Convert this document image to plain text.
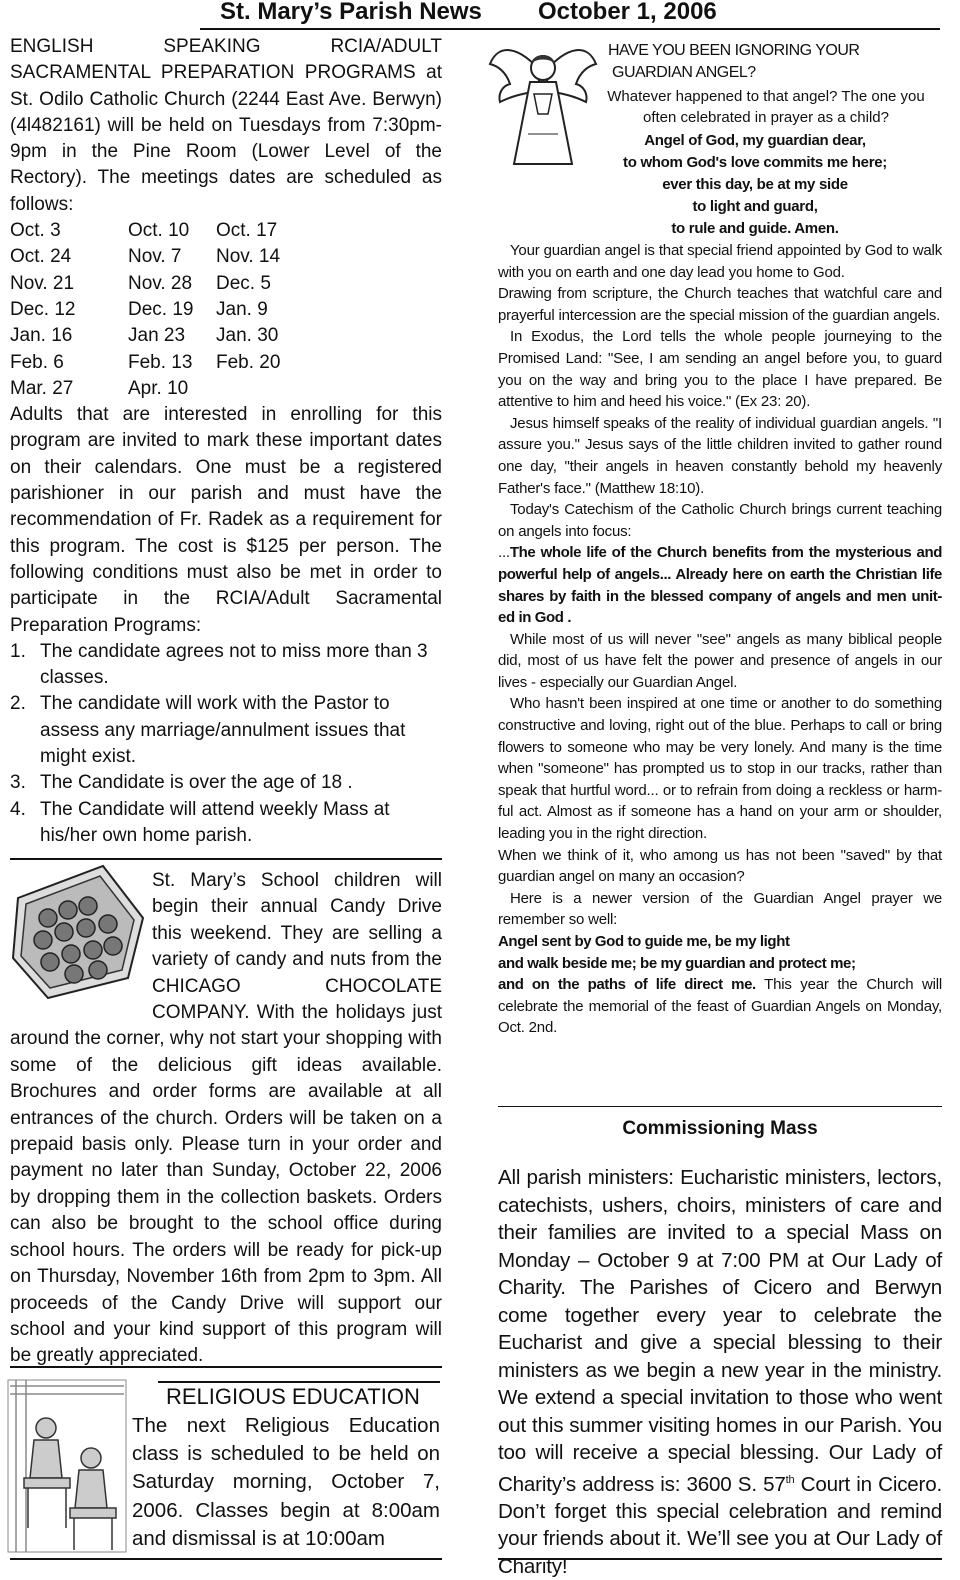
St. Mary’s Parish News October 1, 2006

ENGLISH SPEAKING RCIA/ADULT SACRAMENTAL PREPARATION PROGRAMS at St. Odilo Catholic Church (2244 East Ave. Berwyn) (4l482161) will be held on Tuesdays from 7:30pm-9pm in the Pine Room (Lower Level of the Rectory). The meetings dates are scheduled as follows:

Oct. 3	Oct. 10	Oct. 17
Oct. 24	Nov. 7	Nov. 14
Nov. 21	Nov. 28	Dec. 5
Dec. 12	Dec. 19	Jan. 9
Jan. 16	Jan 23	Jan. 30
Feb. 6	Feb. 13	Feb. 20
Mar. 27	Apr. 10

Adults that are interested in enrolling for this program are invited to mark these important dates on their calendars. One must be a registered parishioner in our parish and must have the recommendation of Fr. Radek as a requirement for this program. The cost is $125 per person. The following conditions must also be met in order to participate in the RCIA/Adult Sacramental Preparation Programs:

1. The candidate agrees not to miss more than 3 classes.
2. The candidate will work with the Pastor to assess any marriage/annulment issues that might exist.
3. The Candidate is over the age of 18 .
4. The Candidate will attend weekly Mass at his/her own home parish.
St. Mary’s School children will begin their annual Candy Drive this weekend. They are selling a variety of candy and nuts from the CHICAGO CHOCOLATE COMPANY. With the holidays just around the corner, why not start your shopping with some of the delicious gift ideas available. Brochures and order forms are available at all entrances of the church. Orders will be taken on a prepaid basis only. Please turn in your order and payment no later than Sunday, October 22, 2006 by dropping them in the collection baskets. Orders can also be brought to the school office during school hours. The orders will be ready for pick-up on Thursday, November 16th from 2pm to 3pm. All proceeds of the Candy Drive will support our school and your kind support of this program will be greatly appreciated.
RELIGIOUS EDUCATION
The next Religious Education class is scheduled to be held on Saturday morning, October 7, 2006. Classes begin at 8:00am and dismissal is at 10:00am
HAVE YOU BEEN IGNORING YOUR
GUARDIAN ANGEL?
Whatever happened to that angel? The one you often celebrated in prayer as a child?
Angel of God, my guardian dear,
to whom God's love commits me here;
ever this day, be at my side
to light and guard,
to rule and guide. Amen.

Your guardian angel is that special friend appointed by God to walk with you on earth and one day lead you home to God.

Drawing from scripture, the Church teaches that watchful care and prayerful intercession are the special mission of the guardian angels.

In Exodus, the Lord tells the whole people journeying to the Promised Land: "See, I am sending an angel before you, to guard you on the way and bring you to the place I have prepared. Be attentive to him and heed his voice." (Ex 23: 20).

Jesus himself speaks of the reality of individual guardian angels. "I assure you." Jesus says of the little children invited to gather round one day, "their angels in heaven constantly behold my heavenly Father's face." (Matthew 18:10).

Today's Catechism of the Catholic Church brings current teaching on angels into focus:

...The whole life of the Church benefits from the mysterious and powerful help of angels... Already here on earth the Christian life shares by faith in the blessed company of angels and men unit-ed in God .

While most of us will never "see" angels as many biblical people did, most of us have felt the power and presence of angels in our lives - especially our Guardian Angel.

Who hasn't been inspired at one time or another to do something constructive and loving, right out of the blue. Perhaps to call or bring flowers to someone who may be very lonely. And many is the time when "someone" has prompted us to stop in our tracks, rather than speak that hurtful word... or to refrain from doing a reckless or harm-ful act. Almost as if someone has a hand on your arm or shoulder, leading you in the right direction.

When we think of it, who among us has not been "saved" by that guardian angel on many an occasion?

Here is a newer version of the Guardian Angel prayer we remember so well:

Angel sent by God to guide me, be my light
and walk beside me; be my guardian and protect me;
and on the paths of life direct me. This year the Church will celebrate the memorial of the feast of Guardian Angels on Monday, Oct. 2nd.

Commissioning Mass
All parish ministers: Eucharistic ministers, lectors, catechists, ushers, choirs, ministers of care and their families are invited to a special Mass on Monday – October 9 at 7:00 PM at Our Lady of Charity. The Parishes of Cicero and Berwyn come together every year to celebrate the Eucharist and give a special blessing to their ministers as we begin a new year in the ministry. We extend a special invitation to those who went out this summer visiting homes in our Parish. You too will receive a special blessing. Our Lady of Charity’s address is: 3600 S. 57th Court in Cicero. Don’t forget this special celebration and remind your friends about it. We’ll see you at Our Lady of Charity!
